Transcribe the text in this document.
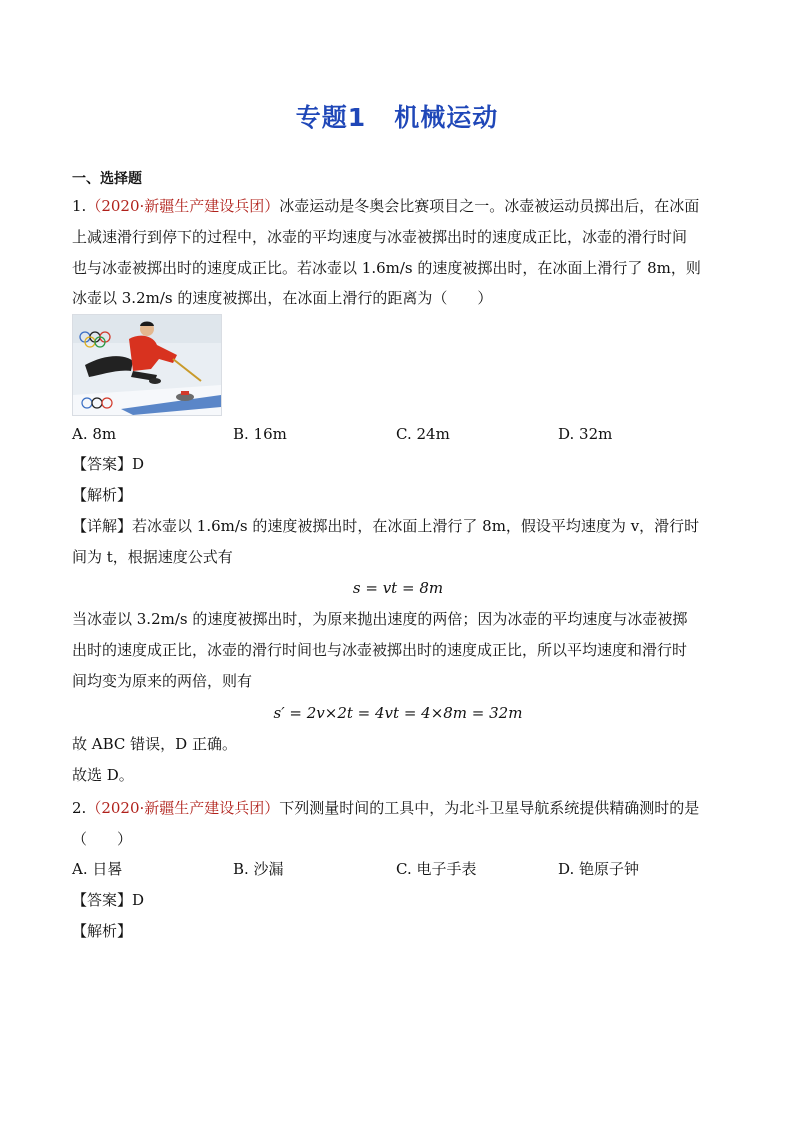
专题1 机械运动
一、选择题
1.（2020·新疆生产建设兵团）冰壶运动是冬奥会比赛项目之一。冰壶被运动员掷出后，在冰面
上减速滑行到停下的过程中，冰壶的平均速度与冰壶被掷出时的速度成正比，冰壶的滑行时间
也与冰壶被掷出时的速度成正比。若冰壶以 1.6m/s 的速度被掷出时，在冰面上滑行了 8m，则
冰壶以 3.2m/s 的速度被掷出，在冰面上滑行的距离为（　　）
A. 8m	B. 16m	C. 24m	D. 32m
【答案】D
【解析】
【详解】若冰壶以 1.6m/s 的速度被掷出时，在冰面上滑行了 8m，假设平均速度为 v，滑行时
间为 t，根据速度公式有
s = vt = 8m
当冰壶以 3.2m/s 的速度被掷出时，为原来抛出速度的两倍；因为冰壶的平均速度与冰壶被掷
出时的速度成正比，冰壶的滑行时间也与冰壶被掷出时的速度成正比，所以平均速度和滑行时
间均变为原来的两倍，则有
s′ = 2v×2t = 4vt = 4×8m = 32m
故 ABC 错误，D 正确。
故选 D。
2.（2020·新疆生产建设兵团）下列测量时间的工具中，为北斗卫星导航系统提供精确测时的是
（　　）
A. 日晷	B. 沙漏	C. 电子手表	D. 铯原子钟
【答案】D
【解析】
